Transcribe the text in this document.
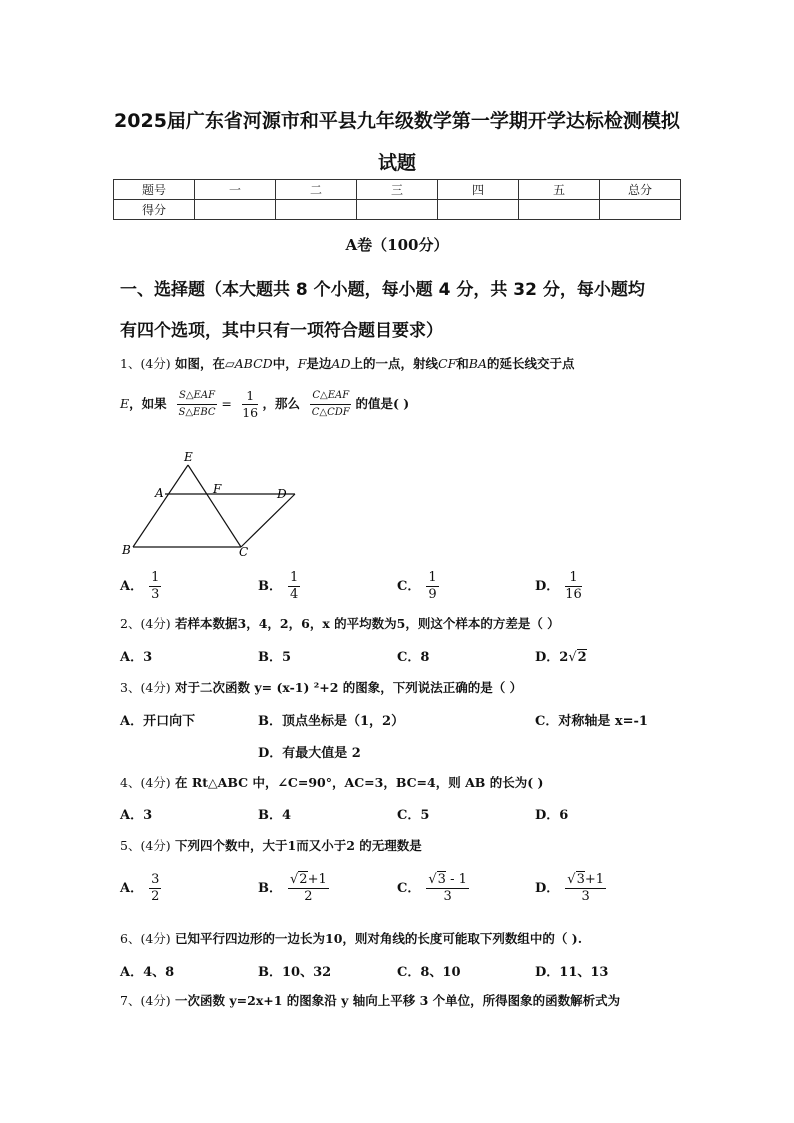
2025届广东省河源市和平县九年级数学第一学期开学达标检测模拟
试题
题号	一	二	三	四	五	总分
得分						
A卷（100分）
一、选择题（本大题共 8 个小题，每小题 4 分，共 32 分，每小题均
有四个选项，其中只有一项符合题目要求）
1、(4分) 如图，在▱ABCD中，F是边AD上的一点，射线CF和BA的延长线交于点
E，如果 $\frac{\text{S△EAF}}{\text{S△EBC}} = \frac{1}{16}$ ，那么 $\frac{\text{C△EAF}}{\text{C△CDF}}$ 的值是( )
E
A	F	D
B	C
A． $\frac{1}{3}$	B． $\frac{1}{4}$	C． $\frac{1}{9}$	D． $\frac{1}{16}$
2、(4分) 若样本数据3，4，2，6，x 的平均数为5，则这个样本的方差是（ ）
A．3	B．5	C．8	D．2√2
3、(4分) 对于二次函数 y= (x-1) ²+2 的图象，下列说法正确的是（ ）
A．开口向下	B．顶点坐标是（1，2）	C．对称轴是 x=-1
D．有最大值是 2
4、(4分) 在 Rt△ABC 中，∠C=90°，AC=3，BC=4，则 AB 的长为( )
A．3	B．4	C．5	D．6
5、(4分) 下列四个数中，大于1而又小于2 的无理数是
A． $\frac{3}{2}$	B． $\frac{√2+1}{2}$	C． $\frac{√3 - 1}{3}$	D． $\frac{√3+1}{3}$
6、(4分) 已知平行四边形的一边长为10，则对角线的长度可能取下列数组中的（ ).
A．4、8	B．10、32	C．8、10	D．11、13
7、(4分) 一次函数 y=2x+1 的图象沿 y 轴向上平移 3 个单位，所得图象的函数解析式为
